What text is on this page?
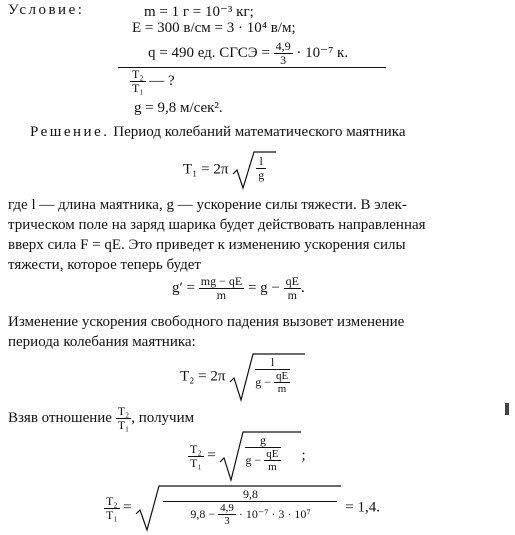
Условие:	m = 1 г = 10⁻³ кг;
E = 300 в/см = 3 · 10⁴ в/м;
q = 490 ед. СГСЭ = $\frac{4,9}{3} \cdot 10^{-7}$ к.
$\frac{\text{T₂}}{\text{T₁}}$ — ?
g = 9,8 м/сек².
Решение. Период колебаний математического маятника
$T_1 = 2\pi \frac{l}{g}$
где l — длина маятника, g — ускорение силы тяжести. В элек-
трическом поле на заряд шарика будет действовать направленная
вверх сила F = qE. Это приведет к изменению ускорения силы
тяжести, которое теперь будет
$g' = \frac{mg - qE}{m} = g - \frac{qE}{m}$ .
Изменение ускорения свободного падения вызовет изменение
периода колебания маятника:
T₂ = 2π
l
$g - \frac{qE}{m}$
Взяв отношение $\frac{\text{T₂}}{\text{T₁}}$ , получим
$\frac{\text{T₂}}{\text{T₁}}$ =
g
$g - \frac{qE}{m}$ ;
$\frac{\text{T₂}}{\text{T₁}}$ =
9,8
$9,8 - \frac{4,9}{3} \cdot 10^{-7} \cdot 3 \cdot 10^7$	= 1,4.
